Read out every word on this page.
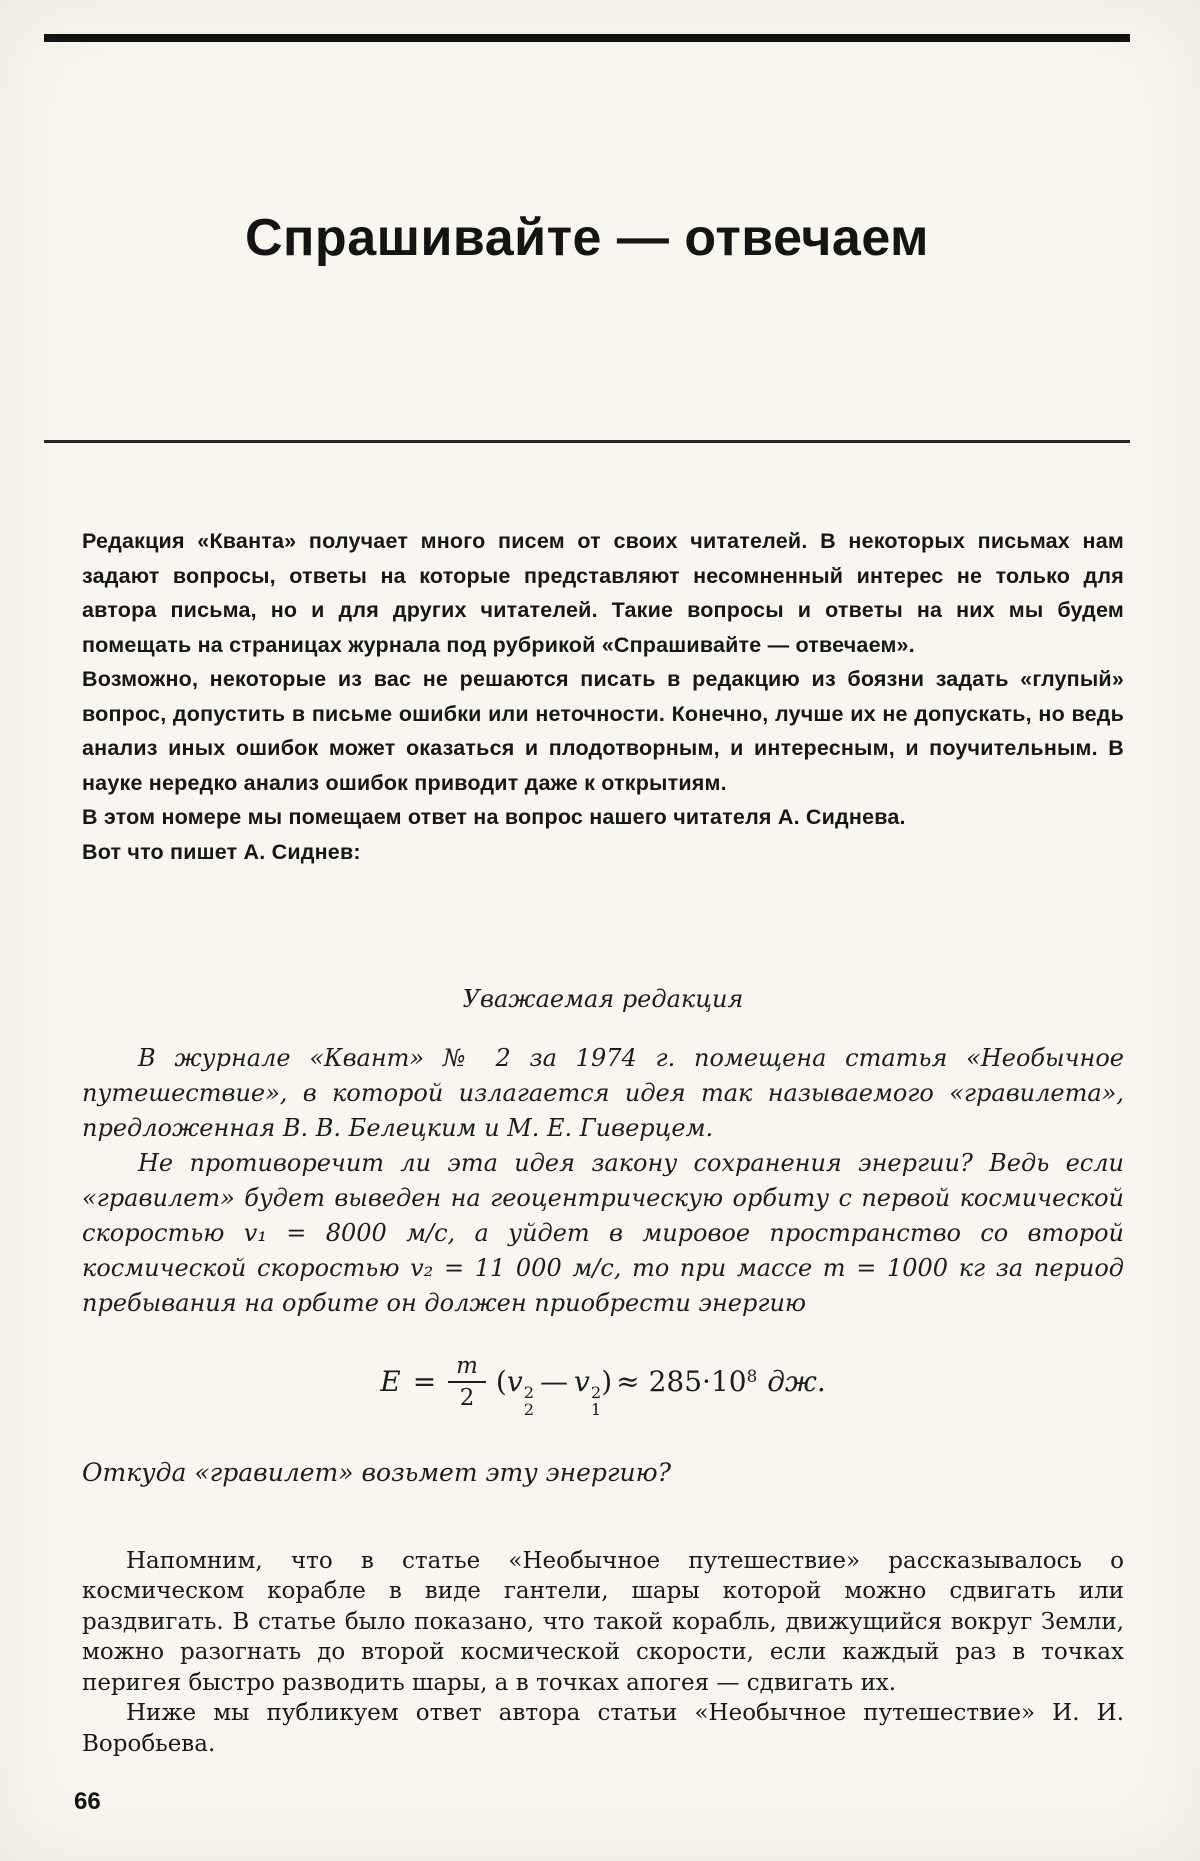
Спрашивайте — отвечаем

Редакция «Кванта» получает много писем от своих читателей. В некоторых письмах нам задают вопросы, ответы на которые представляют несомненный интерес не только для автора письма, но и для других читателей. Такие вопросы и ответы на них мы будем помещать на страницах журнала под рубрикой «Спрашивайте — отвечаем».

Возможно, некоторые из вас не решаются писать в редакцию из боязни задать «глупый» вопрос, допустить в письме ошибки или неточности. Конечно, лучше их не допускать, но ведь анализ иных ошибок может оказаться и плодотворным, и интересным, и поучительным. В науке нередко анализ ошибок приводит даже к открытиям.

В этом номере мы помещаем ответ на вопрос нашего читателя А. Сиднева.

Вот что пишет А. Сиднев:

Уважаемая редакция

В журнале «Квант» № 2 за 1974 г. помещена статья «Необычное путешествие», в которой излагается идея так называемого «гравилета», предложенная В. В. Белецким и М. Е. Гиверцем.

Не противоречит ли эта идея закону сохранения энергии? Ведь если «гравилет» будет выведен на геоцентрическую орбиту с первой космической скоростью v₁ = 8000 м/с, а уйдет в мировое пространство со второй космической скоростью v₂ = 11 000 м/с, то при массе m = 1000 кг за период пребывания на орбите он должен приобрести энергию

$E = \frac{m}{2} (v$ 2
2
— v 2
1
) ≈ $285\cdot 10^8$ дж.

Откуда «гравилет» возьмет эту энергию?

Напомним, что в статье «Необычное путешествие» рассказывалось о космическом корабле в виде гантели, шары которой можно сдвигать или раздвигать. В статье было показано, что такой корабль, движущийся вокруг Земли, можно разогнать до второй космической скорости, если каждый раз в точках перигея быстро разводить шары, а в точках апогея — сдвигать их.

Ниже мы публикуем ответ автора статьи «Необычное путешествие» И. И. Воробьева.

66
